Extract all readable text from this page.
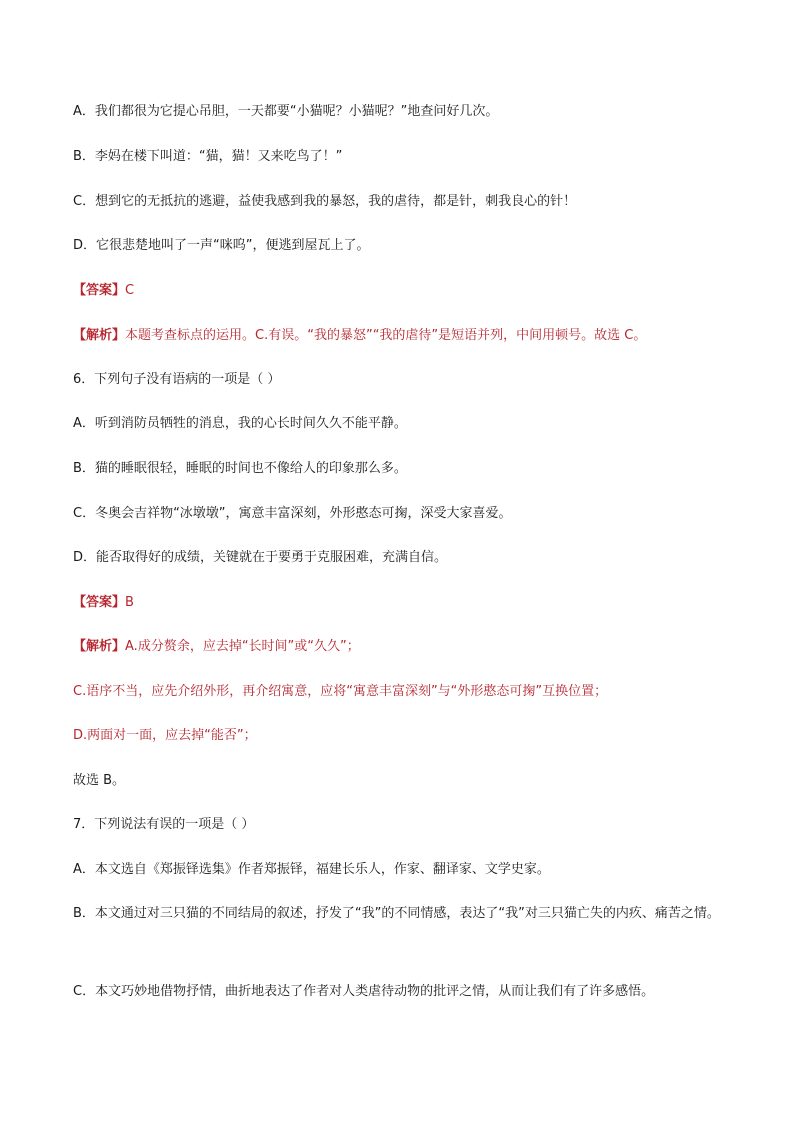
A．我们都很为它提心吊胆，一天都要“小猫呢？小猫呢？”地查问好几次。
B．李妈在楼下叫道：“猫，猫！又来吃鸟了！”
C．想到它的无抵抗的逃避，益使我感到我的暴怒，我的虐待，都是针，刺我良心的针！
D．它很悲楚地叫了一声“咪呜”，便逃到屋瓦上了。
【答案】C
【解析】本题考查标点的运用。C.有误。“我的暴怒”“我的虐待”是短语并列，中间用顿号。故选 C。
6．下列句子没有语病的一项是（ ）
A．听到消防员牺牲的消息，我的心长时间久久不能平静。
B．猫的睡眠很轻，睡眠的时间也不像给人的印象那么多。
C．冬奥会吉祥物“冰墩墩”，寓意丰富深刻，外形憨态可掬，深受大家喜爱。
D．能否取得好的成绩，关键就在于要勇于克服困难，充满自信。
【答案】B
【解析】A.成分赘余，应去掉“长时间”或“久久”；
C.语序不当，应先介绍外形，再介绍寓意，应将“寓意丰富深刻”与“外形憨态可掬”互换位置；
D.两面对一面，应去掉“能否”；
故选 B。
7．下列说法有误的一项是（ ）
A．本文选自《郑振铎选集》作者郑振铎，福建长乐人，作家、翻译家、文学史家。
B．本文通过对三只猫的不同结局的叙述，抒发了“我”的不同情感，表达了“我”对三只猫亡失的内疚、痛苦之情。
C．本文巧妙地借物抒情，曲折地表达了作者对人类虐待动物的批评之情，从而让我们有了许多感悟。
